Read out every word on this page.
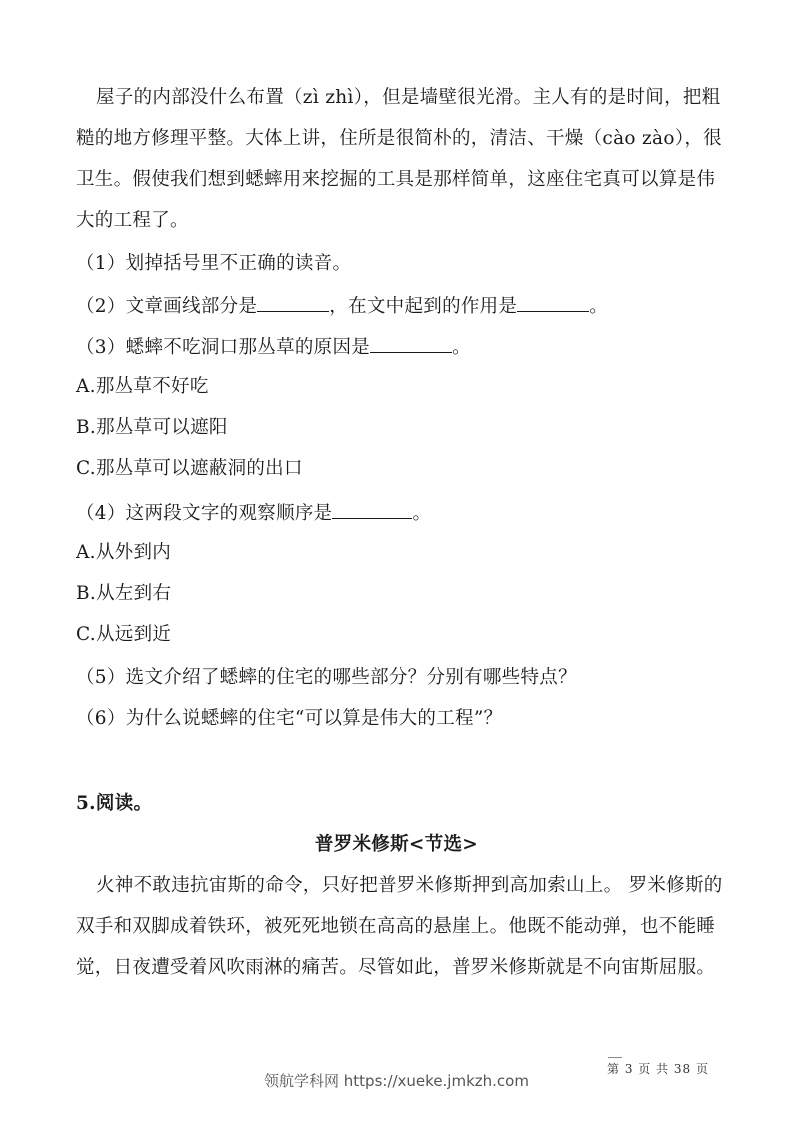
屋子的内部没什么布置（zì zhì），但是墙壁很光滑。主人有的是时间，把粗
糙的地方修理平整。大体上讲，住所是很简朴的，清洁、干燥（cào zào），很
卫生。假使我们想到蟋蟀用来挖掘的工具是那样简单，这座住宅真可以算是伟
大的工程了。
（1）划掉括号里不正确的读音。
（2）文章画线部分是	，在文中起到的作用是	。
（3）蟋蟀不吃洞口那丛草的原因是	。
A.那丛草不好吃
B.那丛草可以遮阳
C.那丛草可以遮蔽洞的出口
（4）这两段文字的观察顺序是	。
A.从外到内
B.从左到右
C.从远到近
（5）选文介绍了蟋蟀的住宅的哪些部分？分别有哪些特点？
（6）为什么说蟋蟀的住宅“可以算是伟大的工程”？
5.阅读。
普罗米修斯<节选>
火神不敢违抗宙斯的命令，只好把普罗米修斯押到高加索山上。 罗米修斯的
双手和双脚成着铁环，被死死地锁在高高的悬崖上。他既不能动弹，也不能睡
觉，日夜遭受着风吹雨淋的痛苦。尽管如此，普罗米修斯就是不向宙斯屈服。
第 3 页 共 38 页
领航学科网 https://xueke.jmkzh.com
